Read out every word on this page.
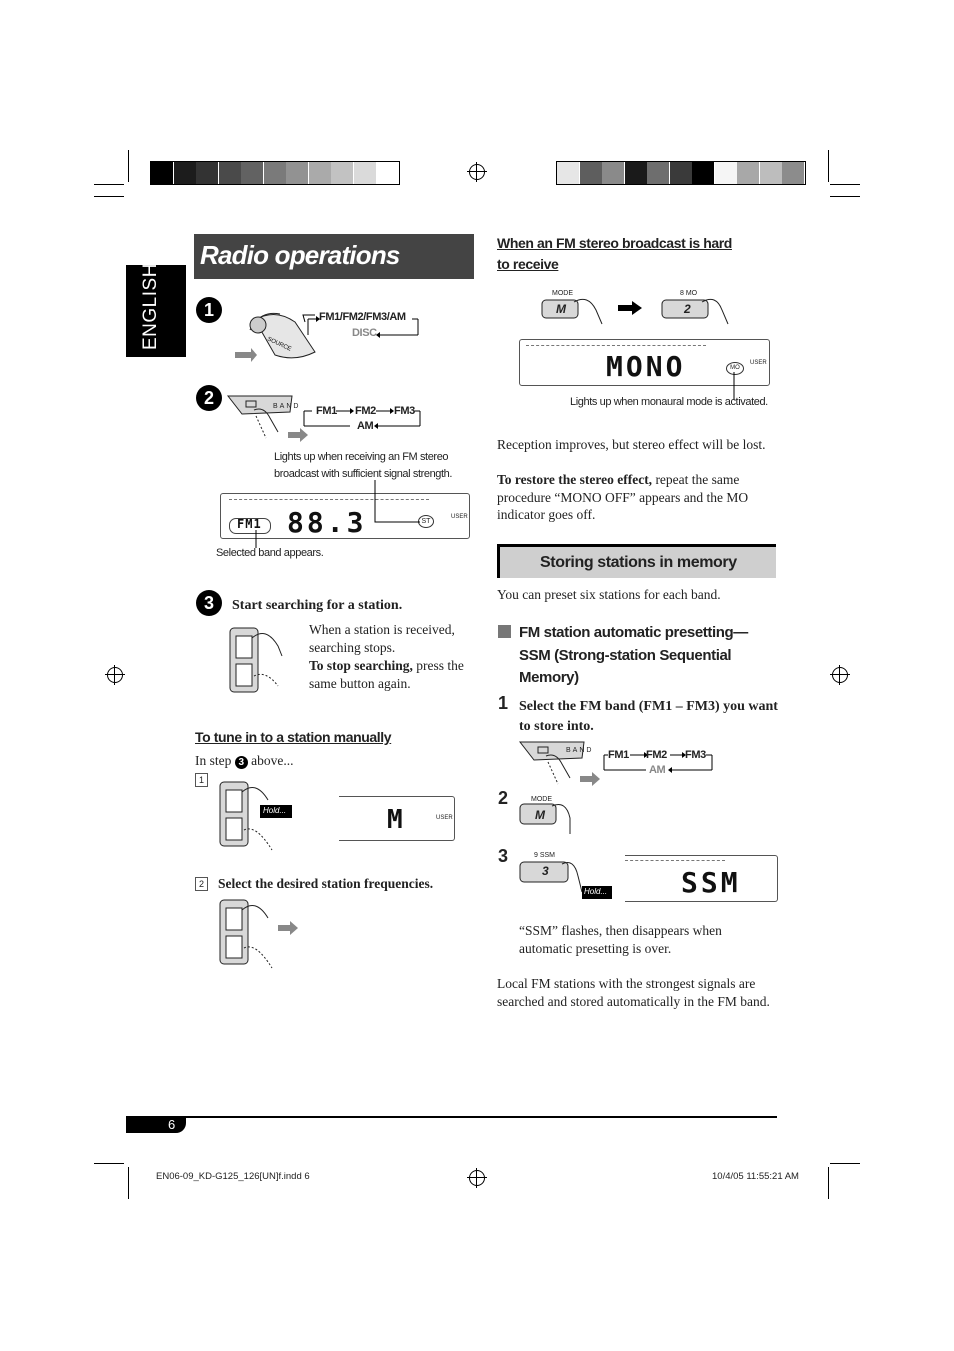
ENGLISH
Radio operations
1
SOURCE
FM1/FM2/FM3/AM
DISC
2	BAND FM1 FM2 FM3
AM
Lights up when receiving an FM stereo broadcast with sufficient signal strength.
FM1 88.3	ST
USER
Selected band appears.
3	Start searching for a station.
When a station is received, searching stops.
To stop searching, press the same button again.
To tune in to a station manually
In step 3 above...
1
Hold...	M	USER
2 Select the desired station frequencies.
When an FM stereo broadcast is hard to receive
MODE
M
8 MO
2
MONO	MO
USER
Lights up when monaural mode is activated.
Reception improves, but stereo effect will be lost.
To restore the stereo effect, repeat the same procedure “MONO OFF” appears and the MO indicator goes off.
Storing stations in memory
You can preset six stations for each band.
FM station automatic presetting—SSM (Strong-station Sequential Memory)
1 Select the FM band (FM1 – FM3) you want to store into.
BAND FM1 FM2 FM3
AM
2	MODE
M
3	9 SSM
3
Hold...	SSM
“SSM” flashes, then disappears when automatic presetting is over.
Local FM stations with the strongest signals are searched and stored automatically in the FM band.
6
EN06-09_KD-G125_126[UN]f.indd 6	10/4/05 11:55:21 AM
